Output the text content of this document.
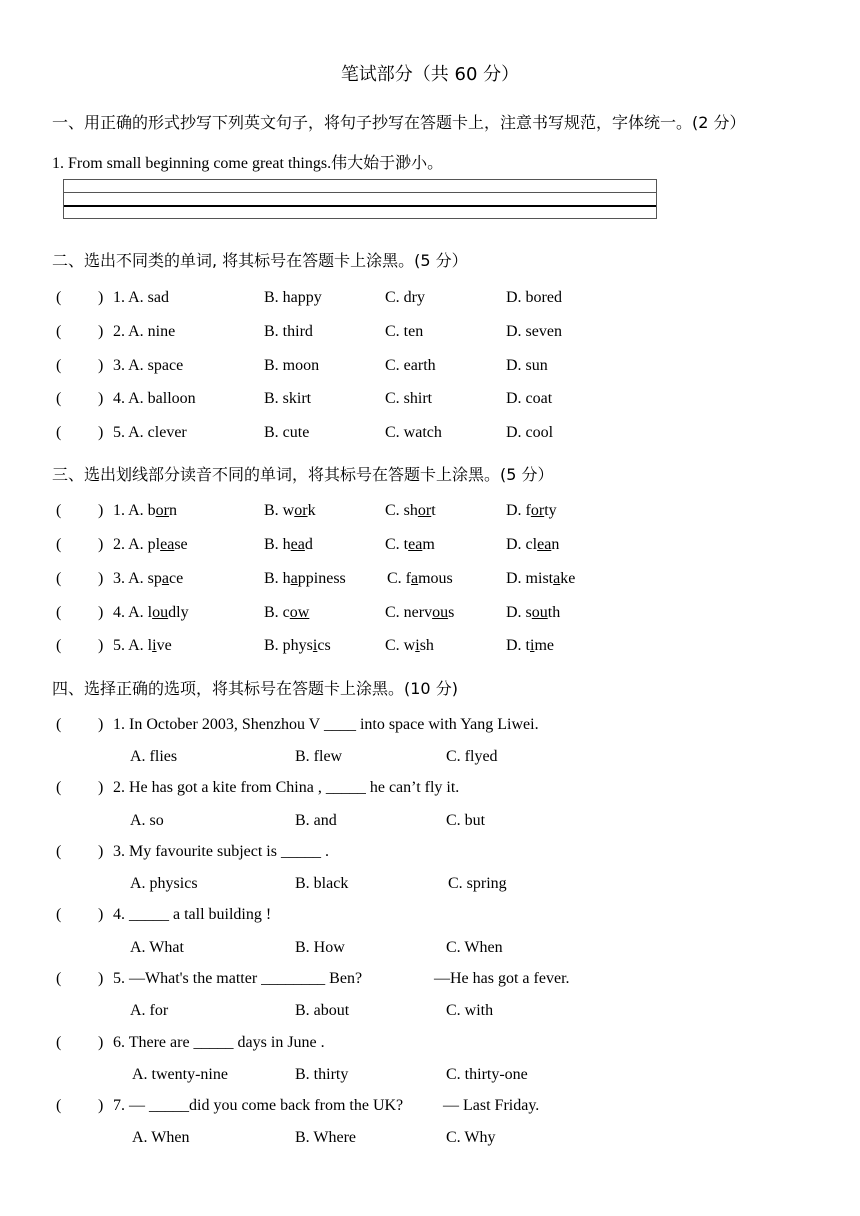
笔试部分（共 60 分）
一、用正确的形式抄写下列英文句子，将句子抄写在答题卡上，注意书写规范，字体统一。(2 分）
1. From small beginning come great things.伟大始于渺小。
二、选出不同类的单词, 将其标号在答题卡上涂黑。(5 分）
( ) 1. A. sad	B. happy	C. dry	D. bored
( ) 2. A. nine	B. third	C. ten	D. seven
( ) 3. A. space	B. moon	C. earth	D. sun
( ) 4. A. balloon	B. skirt	C. shirt	D. coat
( ) 5. A. clever	B. cute	C. watch	D. cool
三、选出划线部分读音不同的单词，将其标号在答题卡上涂黑。(5 分）
( ) 1. A. born	B. work	C. short	D. forty
( ) 2. A. please	B. head	C. team	D. clean
( ) 3. A. space	B. happiness	C. famous	D. mistake
( ) 4. A. loudly	B. cow	C. nervous	D. south
( ) 5. A. live	B. physics	C. wish	D. time
四、选择正确的选项，将其标号在答题卡上涂黑。(10 分)
( ) 1. In October 2003, Shenzhou V ____ into space with Yang Liwei.
A. flies	B. flew	C. flyed
( ) 2. He has got a kite from China , _____ he can’t fly it.
A. so	B. and	C. but
( ) 3. My favourite subject is _____ .
A. physics	B. black	C. spring
( ) 4. _____ a tall building !
A. What	B. How	C. When
( ) 5. —What's the matter ________ Ben?	—He has got a fever.
A. for	B. about	C. with
( ) 6. There are _____ days in June .
A. twenty-nine	B. thirty	C. thirty-one
( ) 7. — _____did you come back from the UK? — Last Friday.
A. When	B. Where	C. Why
